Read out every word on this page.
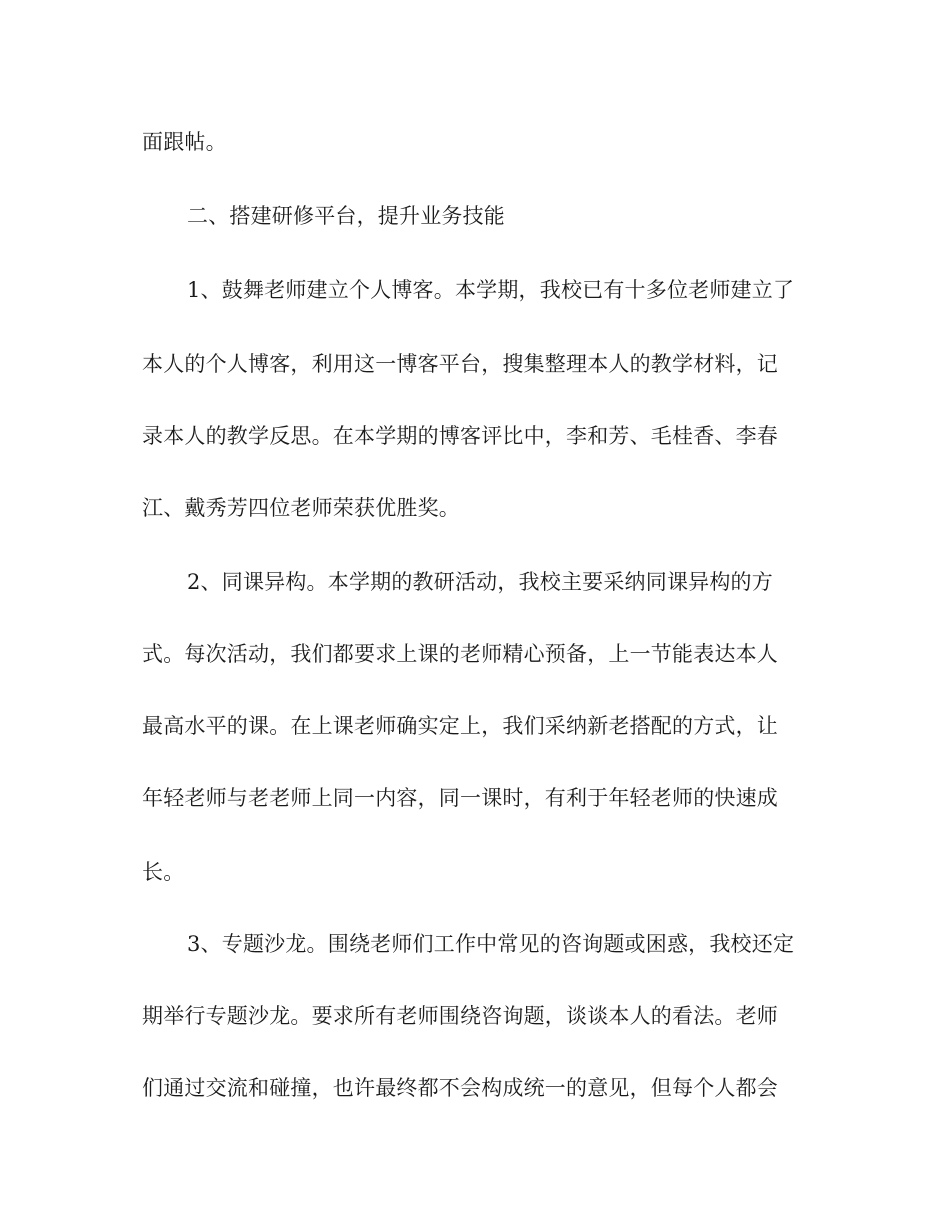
面跟帖。
二、搭建研修平台，提升业务技能
1、鼓舞老师建立个人博客。本学期，我校已有十多位老师建立了
本人的个人博客，利用这一博客平台，搜集整理本人的教学材料，记
录本人的教学反思。在本学期的博客评比中，李和芳、毛桂香、李春
江、戴秀芳四位老师荣获优胜奖。
2、同课异构。本学期的教研活动，我校主要采纳同课异构的方
式。每次活动，我们都要求上课的老师精心预备，上一节能表达本人
最高水平的课。在上课老师确实定上，我们采纳新老搭配的方式，让
年轻老师与老老师上同一内容，同一课时，有利于年轻老师的快速成
长。
3、专题沙龙。围绕老师们工作中常见的咨询题或困惑，我校还定
期举行专题沙龙。要求所有老师围绕咨询题，谈谈本人的看法。老师
们通过交流和碰撞，也许最终都不会构成统一的意见，但每个人都会
